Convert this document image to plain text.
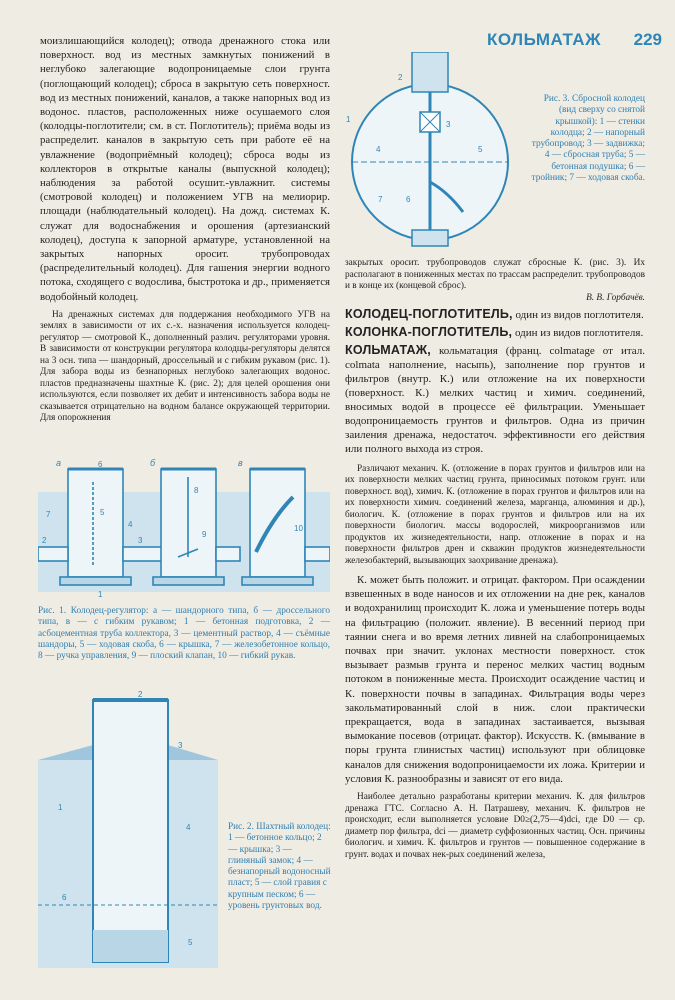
КОЛЬМАТАЖ 229

моизлишающийся колодец); отвода дренажного стока или поверхност. вод из местных замкнутых понижений в неглубоко залегающие водопроницаемые слои грунта (поглощающий колодец); сброса в закрытую сеть поверхност. вод из местных понижений, каналов, а также напорных вод из водонос. пластов, расположенных ниже осушаемого слоя (колодцы-поглотители; см. в ст. Поглотитель); приёма воды из распределит. каналов в закрытую сеть при работе её на увлажнение (водоприёмный колодец); сброса воды из коллекторов в открытые каналы (выпускной колодец); наблюдения за работой осушит.-увлажнит. системы (смотровой колодец) и положением УГВ на мелиорир. площади (наблюдательный колодец). На дожд. системах К. служат для водоснабжения и орошения (артезианский колодец), доступа к запорной арматуре, установленной на закрытых напорных ороcит. трубопроводах (распределительный колодец). Для гашения энергии водного потока, сходящего с водослива, быстротока и др., применяется водобойный колодец.

На дренажных системах для поддержания необходимого УГВ на землях в зависимости от их с.-х. назначения используется колодец-регулятор — смотровой К., дополненный различ. регуляторами уровня. В зависимости от конструкции регулятора колодцы-регуляторы делятся на 3 осн. типа — шандорный, дроссельный и с гибким рукавом (рис. 1). Для забора воды из безнапорных неглубоко залегающих водонос. пластов предназначены шахтные К. (рис. 2); для целей орошения они используются, если позволяет их дебит и интенсивность забора воды не сказывается отрицательно на водном балансе окружающей территории. Для опорожнения

а	б	в
6
7
4
5
2
1
3
8
9
10

Рис. 1. Колодец-регулятор: а — шандорного типа, б — дроссельного типа, в — с гибким рукавом; 1 — бетонная подготовка, 2 — асбоцементная труба коллектора, 3 — цементный раствор, 4 — съёмные шандоры, 5 — ходовая скоба, 6 — крышка, 7 — железобетонное кольцо, 8 — ручка управления, 9 — плоский клапан, 10 — гибкий рукав.

2
3
1
4
6
5

Рис. 2. Шахтный колодец: 1 — бетонное кольцо; 2 — крышка; 3 — глиняный замок; 4 — безнапорный водоносный пласт; 5 — слой гравия с крупным песком; 6 — уровень грунтовых вод.

1
2
3
4
7	6
5

Рис. 3. Сбросной колодец (вид сверху со снятой крышкой): 1 — стенки колодца; 2 — напорный трубопровод; 3 — задвижка; 4 — сбросная труба; 5 — бетонная подушка; 6 — тройник; 7 — ходовая скоба.

закрытых ороcит. трубопроводов служат сбросные К. (рис. 3). Их располагают в пониженных местах по трассам распределит. трубопроводов и в конце их (концевой сброс).

В. В. Горбачёв.

КОЛОДЕЦ-ПОГЛОТИТЕЛЬ, один из видов поглотителя.

КОЛОНКА-ПОГЛОТИТЕЛЬ, один из видов поглотителя.

КОЛЬМАТАЖ, кольматация (франц. colmatage от итал. colmata наполнение, насыпь), заполнение пор грунтов и фильтров (внутр. К.) или отложение на их поверхности (поверхност. К.) мелких частиц и химич. соединений, вносимых водой в процессе её фильтрации. Уменьшает водопроницаемость грунтов и фильтров. Одна из причин заиления дренажа, недостаточ. эффективности его действия или полного выхода из строя.

Различают механич. К. (отложение в порах грунтов и фильтров или на их поверхности мелких частиц грунта, приносимых потоком грунт. или поверхност. вод), химич. К. (отложение в порах грунтов и фильтров или на их поверхности химич. соединений железа, марганца, алюминия и др.), биологич. К. (отложение в порах грунтов и фильтров или на их поверхности биологич. массы водорослей, микроорганизмов или продуктов их жизнедеятельности, напр. отложение в порах и на поверхности фильтров дрен и скважин продуктов жизнедеятельности железобактерий, вызывающих заохривание дренажа).

К. может быть положит. и отрицат. фактором. При осаждении взвешенных в воде наносов и их отложении на дне рек, каналов и водохранилищ происходит К. ложа и уменьшение потерь воды на фильтрацию (положит. явление). В весенний период при таянии снега и во время летних ливней на слабопроницаемых почвах при значит. уклонах местности поверхност. сток вызывает размыв грунта и перенос мелких частиц водным потоком в пониженные места. Происходит осаждение частиц и К. поверхности почвы в западинах. Фильтрация воды через закольматированный слой в ниж. слои практически прекращается, вода в западинах застаивается, вызывая вымокание посевов (отрицат. фактор). Искусств. К. (вмывание в поры грунта глинистых частиц) используют при облицовке каналов для снижения водопроницаемости их ложа. Критерии и условия К. разнообразны и зависят от его вида.

Наиболее детально разработаны критерии механич. К. для фильтров дренажа ГТС. Согласно А. Н. Патрашеву, механич. К. фильтров не происходит, если выполняется условие D0≥(2,75—4)dci, где D0 — ср. диаметр пор фильтра, dci — диаметр суффозионных частиц. Осн. причины биологич. и химич. К. фильтров и грунтов — повышенное содержание в грунт. водах и почвах нек-рых соединений железа,
